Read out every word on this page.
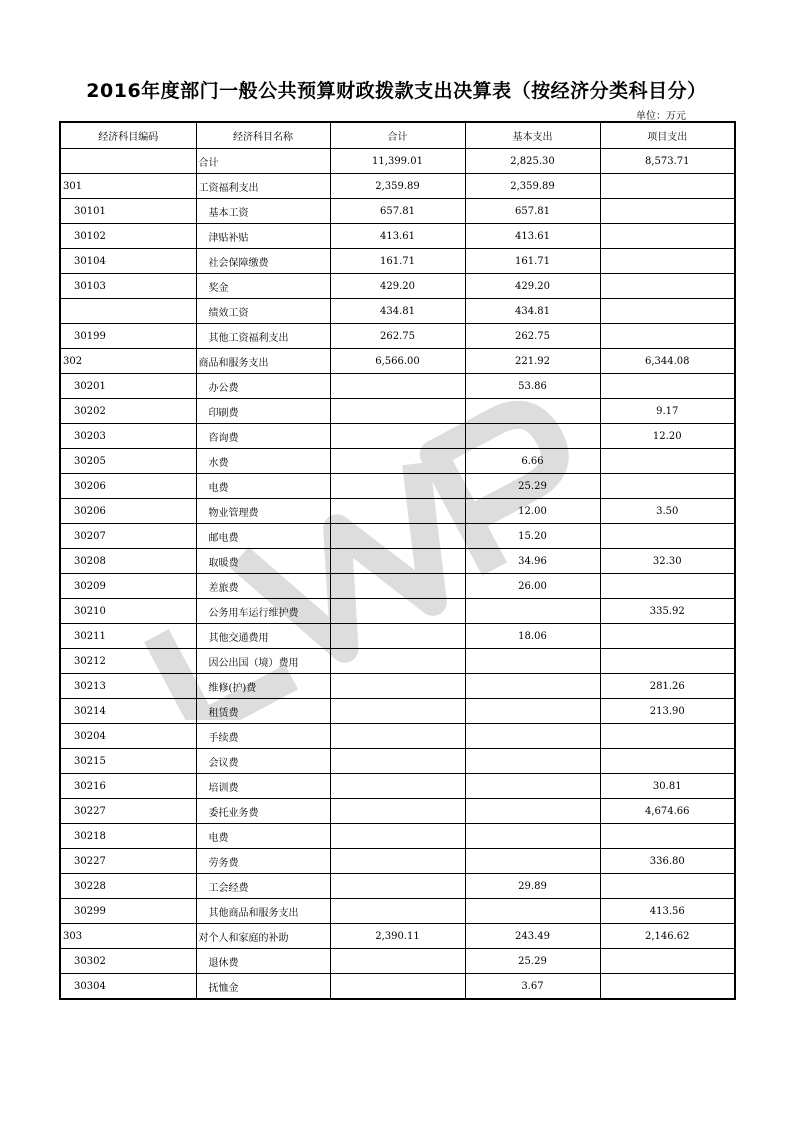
2016年度部门一般公共预算财政拨款支出决算表（按经济分类科目分）
单位：万元
经济科目编码	经济科目名称	合计	基本支出	项目支出
	合计	11,399.01	2,825.30	8,573.71
301	工资福利支出	2,359.89	2,359.89	
30101	基本工资	657.81	657.81	
30102	津贴补贴	413.61	413.61	
30104	社会保障缴费	161.71	161.71	
30103	奖金	429.20	429.20	
	绩效工资	434.81	434.81	
30199	其他工资福利支出	262.75	262.75	
302	商品和服务支出	6,566.00	221.92	6,344.08
30201	办公费		53.86	
30202	印刷费			9.17
30203	咨询费			12.20
30205	水费		6.66	
30206	电费		25.29	
30206	物业管理费		12.00	3.50
30207	邮电费		15.20	
30208	取暖费		34.96	32.30
30209	差旅费		26.00	
30210	公务用车运行维护费			335.92
30211	其他交通费用		18.06	
30212	因公出国（境）费用			
30213	维修(护)费			281.26
30214	租赁费			213.90
30204	手续费			
30215	会议费			
30216	培训费			30.81
30227	委托业务费			4,674.66
30218	电费			
30227	劳务费			336.80
30228	工会经费		29.89	
30299	其他商品和服务支出			413.56
303	对个人和家庭的补助	2,390.11	243.49	2,146.62
30302	退休费		25.29	
30304	抚恤金		3.67	
